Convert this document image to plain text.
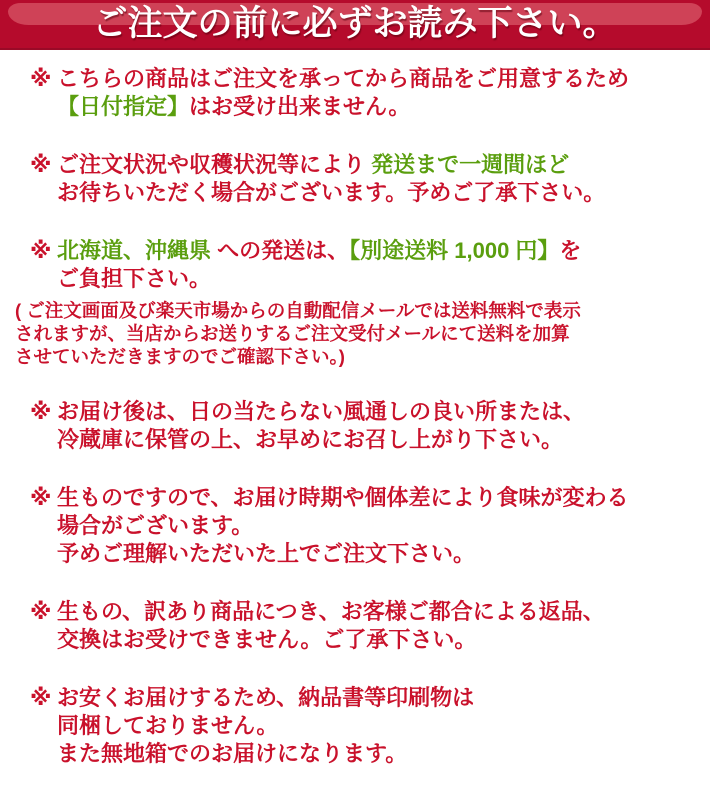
ご注文の前に必ずお読み下さい。
※ こちらの商品はご注文を承ってから商品をご用意するため
【日付指定】はお受け出来ません。
※ ご注文状況や収穫状況等により 発送まで一週間ほど
お待ちいただく場合がございます。予めご了承下さい。
※ 北海道、沖縄県 への発送は、【別途送料 1,000 円】を
ご負担下さい。
( ご注文画面及び楽天市場からの自動配信メールでは送料無料で表示
されますが、当店からお送りするご注文受付メールにて送料を加算
させていただきますのでご確認下さい。)
※ お届け後は、日の当たらない風通しの良い所または、
冷蔵庫に保管の上、お早めにお召し上がり下さい。
※ 生ものですので、お届け時期や個体差により食味が変わる
場合がございます。
予めご理解いただいた上でご注文下さい。
※ 生もの、訳あり商品につき、お客様ご都合による返品、
交換はお受けできません。ご了承下さい。
※ お安くお届けするため、納品書等印刷物は
同梱しておりません。
また無地箱でのお届けになります。
